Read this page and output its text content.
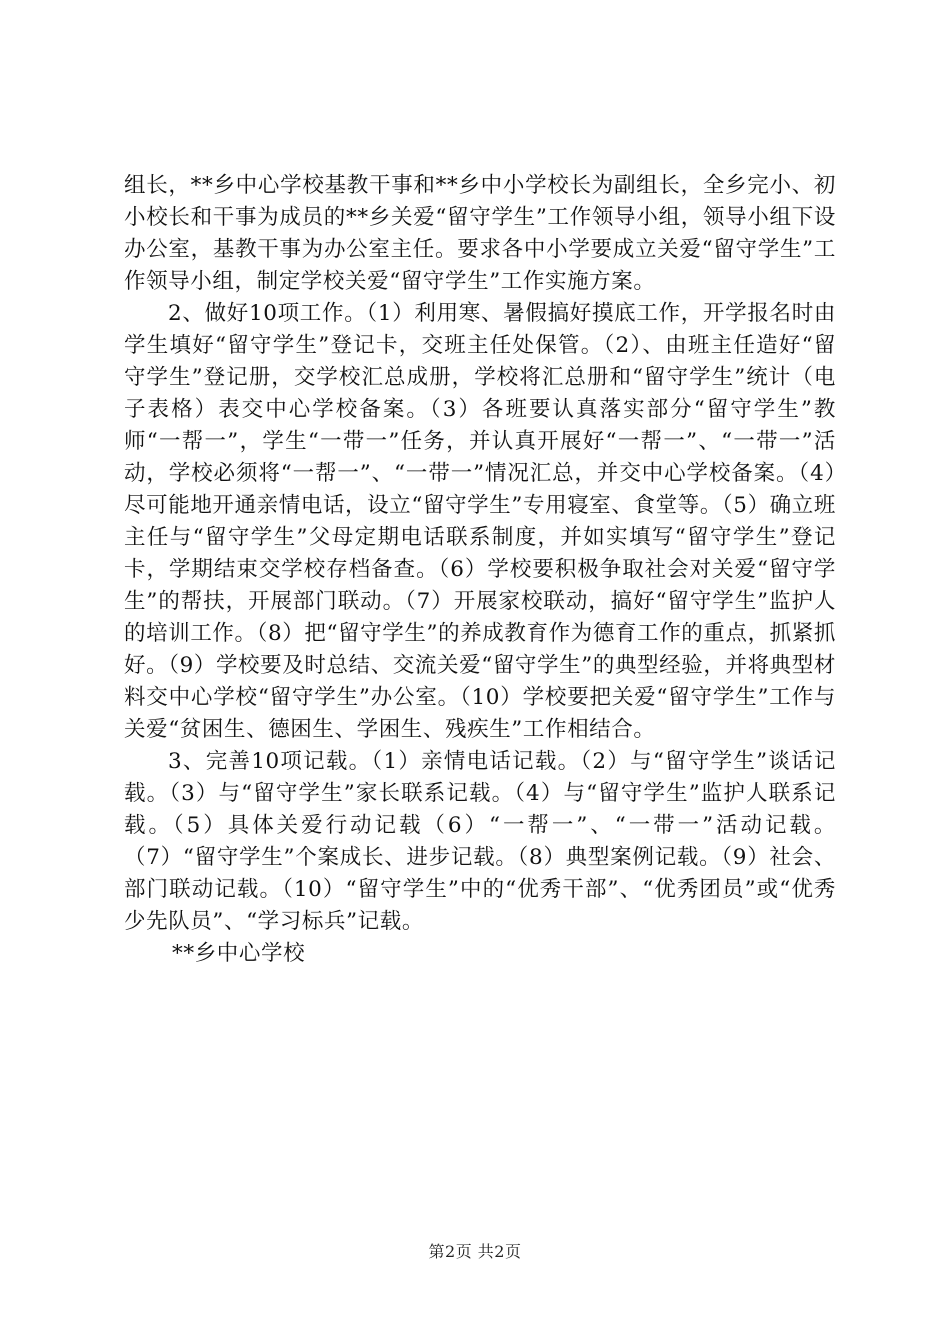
组长，**乡中心学校基教干事和**乡中小学校长为副组长，全乡完小、初小校长和干事为成员的**乡关爱“留守学生”工作领导小组，领导小组下设办公室，基教干事为办公室主任。要求各中小学要成立关爱“留守学生”工作领导小组，制定学校关爱“留守学生”工作实施方案。

2、做好10项工作。（1）利用寒、暑假搞好摸底工作，开学报名时由学生填好“留守学生”登记卡，交班主任处保管。（2）、由班主任造好“留守学生”登记册，交学校汇总成册，学校将汇总册和“留守学生”统计（电子表格）表交中心学校备案。（3）各班要认真落实部分“留守学生”教师“一帮一”，学生“一带一”任务，并认真开展好“一帮一”、“一带一”活动，学校必须将“一帮一”、“一带一”情况汇总，并交中心学校备案。（4）尽可能地开通亲情电话，设立“留守学生”专用寝室、食堂等。（5）确立班主任与“留守学生”父母定期电话联系制度，并如实填写“留守学生”登记卡，学期结束交学校存档备查。（6）学校要积极争取社会对关爱“留守学生”的帮扶，开展部门联动。（7）开展家校联动，搞好“留守学生”监护人的培训工作。（8）把“留守学生”的养成教育作为德育工作的重点，抓紧抓好。（9）学校要及时总结、交流关爱“留守学生”的典型经验，并将典型材料交中心学校“留守学生”办公室。（10）学校要把关爱“留守学生”工作与关爱“贫困生、德困生、学困生、残疾生”工作相结合。

3、完善10项记载。（1）亲情电话记载。（2）与“留守学生”谈话记载。（3）与“留守学生”家长联系记载。（4）与“留守学生”监护人联系记载。（5）具体关爱行动记载（6）“一帮一”、“一带一”活动记载。（7）“留守学生”个案成长、进步记载。（8）典型案例记载。（9）社会、部门联动记载。（10）“留守学生”中的“优秀干部”、“优秀团员”或“优秀少先队员”、“学习标兵”记载。

**乡中心学校

第2页 共2页
